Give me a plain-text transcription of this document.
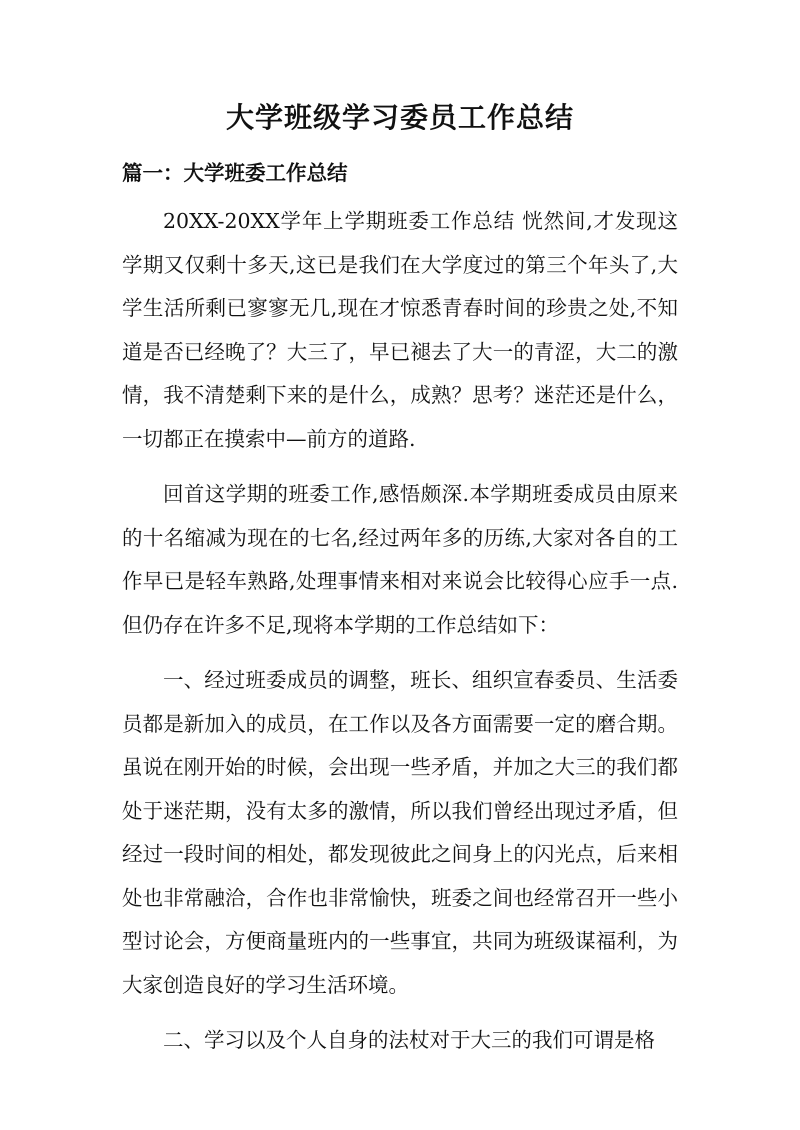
大学班级学习委员工作总结
篇一：大学班委工作总结

20XX-20XX学年上学期班委工作总结 恍然间,才发现这学期又仅剩十多天,这已是我们在大学度过的第三个年头了,大学生活所剩已寥寥无几,现在才惊悉青春时间的珍贵之处,不知道是否已经晚了？大三了，早已褪去了大一的青涩，大二的激情，我不清楚剩下来的是什么，成熟？思考？迷茫还是什么，一切都正在摸索中—前方的道路.

回首这学期的班委工作,感悟颇深.本学期班委成员由原来的十名缩减为现在的七名,经过两年多的历练,大家对各自的工作早已是轻车熟路,处理事情来相对来说会比较得心应手一点.但仍存在许多不足,现将本学期的工作总结如下：

一、经过班委成员的调整，班长、组织宣春委员、生活委员都是新加入的成员，在工作以及各方面需要一定的磨合期。虽说在刚开始的时候，会出现一些矛盾，并加之大三的我们都处于迷茫期，没有太多的激情，所以我们曾经出现过矛盾，但经过一段时间的相处，都发现彼此之间身上的闪光点，后来相处也非常融洽，合作也非常愉快，班委之间也经常召开一些小型讨论会，方便商量班内的一些事宜，共同为班级谋福利，为大家创造良好的学习生活环境。

二、学习以及个人自身的法杖对于大三的我们可谓是格
